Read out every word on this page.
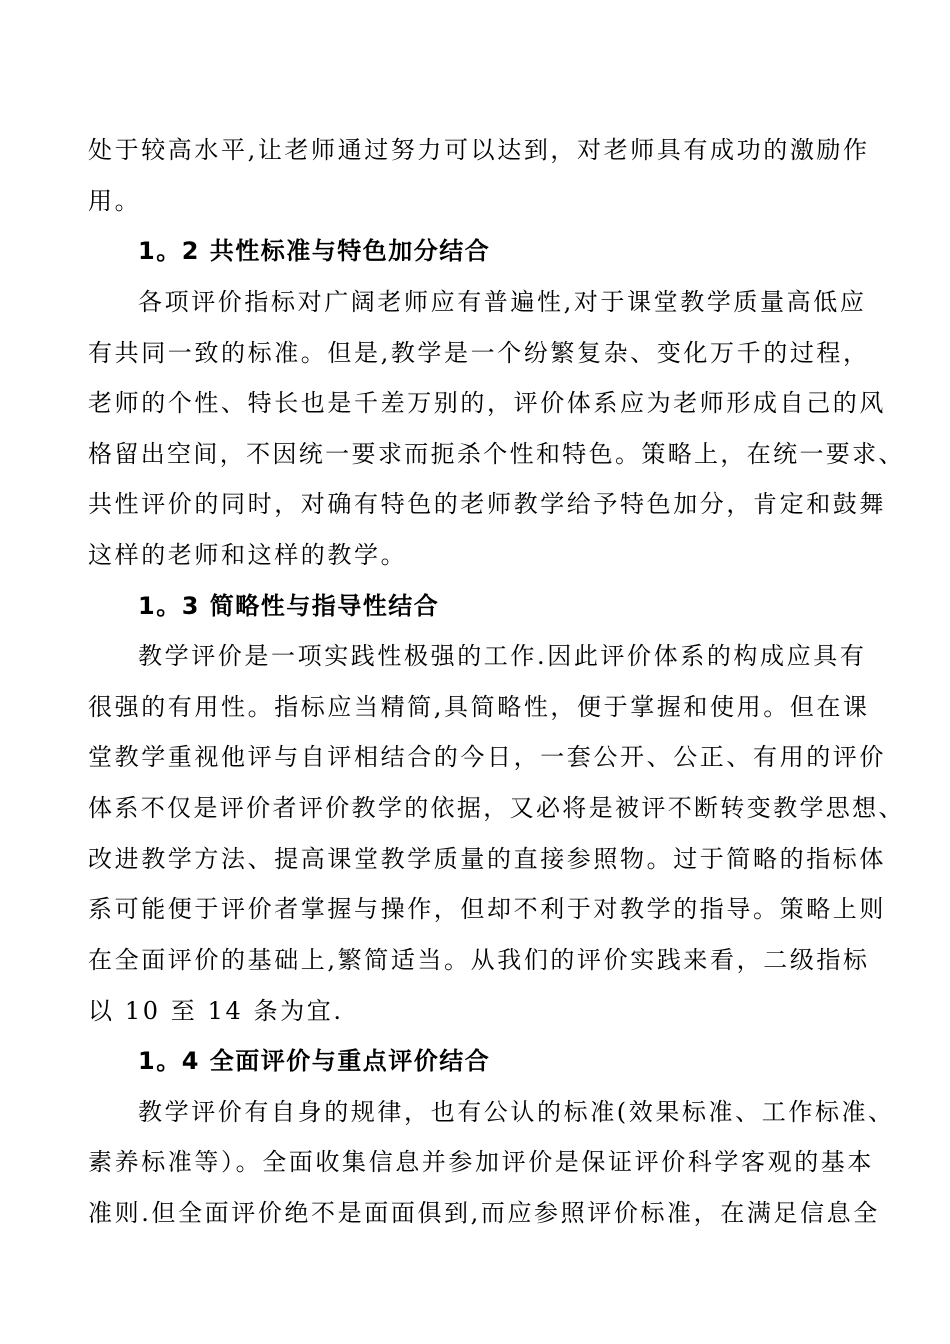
处于较高水平,让老师通过努力可以达到，对老师具有成功的激励作
用。
1。2 共性标准与特色加分结合
各项评价指标对广阔老师应有普遍性,对于课堂教学质量高低应
有共同一致的标准。但是,教学是一个纷繁复杂、变化万千的过程，
老师的个性、特长也是千差万别的，评价体系应为老师形成自己的风
格留出空间，不因统一要求而扼杀个性和特色。策略上，在统一要求、
共性评价的同时，对确有特色的老师教学给予特色加分，肯定和鼓舞
这样的老师和这样的教学。
1。3 简略性与指导性结合
教学评价是一项实践性极强的工作.因此评价体系的构成应具有
很强的有用性。指标应当精简,具简略性，便于掌握和使用。但在课
堂教学重视他评与自评相结合的今日，一套公开、公正、有用的评价
体系不仅是评价者评价教学的依据，又必将是被评不断转变教学思想、
改进教学方法、提高课堂教学质量的直接参照物。过于简略的指标体
系可能便于评价者掌握与操作，但却不利于对教学的指导。策略上则
在全面评价的基础上,繁简适当。从我们的评价实践来看，二级指标
以 10 至 14 条为宜.
1。4 全面评价与重点评价结合
教学评价有自身的规律，也有公认的标准(效果标准、工作标准、
素养标准等）。全面收集信息并参加评价是保证评价科学客观的基本
准则.但全面评价绝不是面面俱到,而应参照评价标准，在满足信息全
